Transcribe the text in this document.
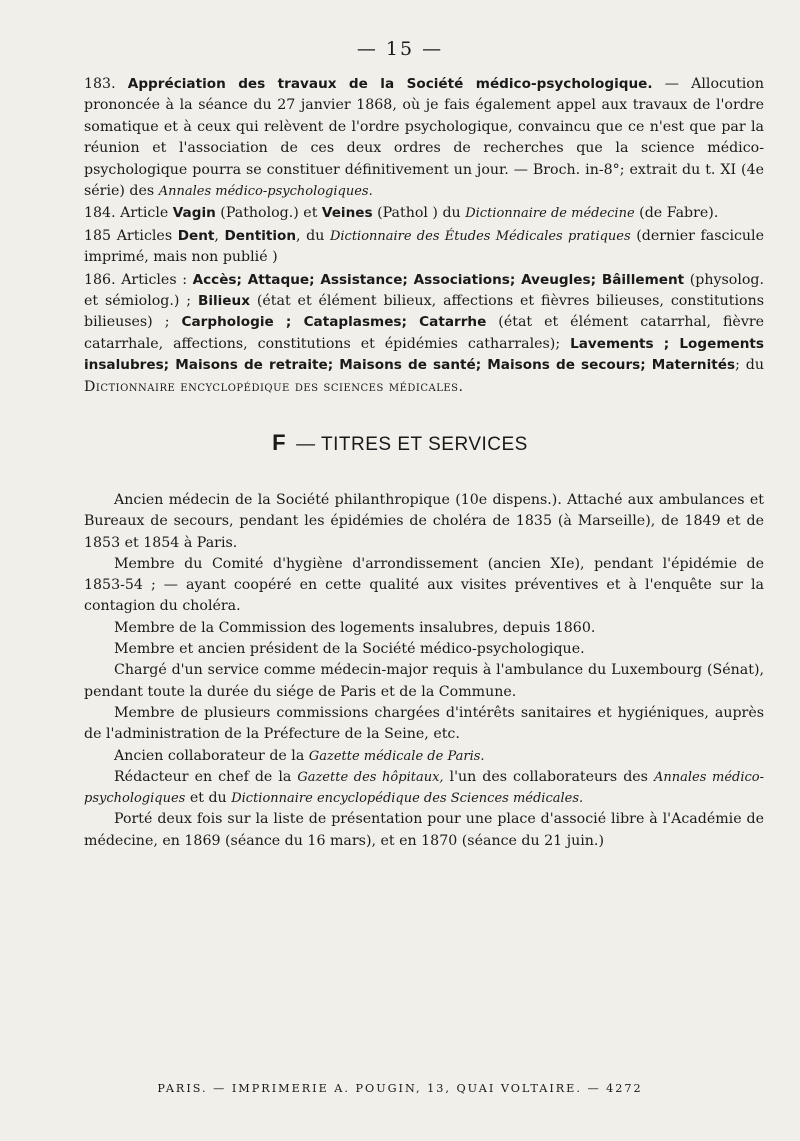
— 15 —

183. Appréciation des travaux de la Société médico-psychologique. — Allocution prononcée à la séance du 27 janvier 1868, où je fais également appel aux travaux de l'ordre somatique et à ceux qui relèvent de l'ordre psychologique, convaincu que ce n'est que par la réunion et l'association de ces deux ordres de recherches que la science médico-psychologique pourra se constituer définitivement un jour. — Broch. in-8°; extrait du t. XI (4e série) des Annales médico-psychologiques.

184. Article Vagin (Patholog.) et Veines (Pathol ) du Dictionnaire de médecine (de Fabre).

185 Articles Dent, Dentition, du Dictionnaire des Études Médicales pratiques (dernier fascicule imprimé, mais non publié )

186. Articles : Accès; Attaque; Assistance; Associations; Aveugles; Bâillement (physolog. et sémiolog.) ; Bilieux (état et élément bilieux, affections et fièvres bilieuses, constitutions bilieuses) ; Carphologie ; Cataplasmes; Catarrhe (état et élément catarrhal, fièvre catarrhale, affections, constitutions et épidémies catharrales); Lavements ; Logements insalubres; Maisons de retraite; Maisons de santé; Maisons de secours; Maternités; du Dictionnaire encyclopédique des sciences médicales.

F — TITRES ET SERVICES

Ancien médecin de la Société philanthropique (10e dispens.). Attaché aux ambulances et Bureaux de secours, pendant les épidémies de choléra de 1835 (à Marseille), de 1849 et de 1853 et 1854 à Paris.

Membre du Comité d'hygiène d'arrondissement (ancien XIe), pendant l'épidémie de 1853-54 ; — ayant coopéré en cette qualité aux visites préventives et à l'enquête sur la contagion du choléra.

Membre de la Commission des logements insalubres, depuis 1860.

Membre et ancien président de la Société médico-psychologique.

Chargé d'un service comme médecin-major requis à l'ambulance du Luxembourg (Sénat), pendant toute la durée du siége de Paris et de la Commune.

Membre de plusieurs commissions chargées d'intérêts sanitaires et hygiéniques, auprès de l'administration de la Préfecture de la Seine, etc.

Ancien collaborateur de la Gazette médicale de Paris.

Rédacteur en chef de la Gazette des hôpitaux, l'un des collaborateurs des Annales médico-psychologiques et du Dictionnaire encyclopédique des Sciences médicales.

Porté deux fois sur la liste de présentation pour une place d'associé libre à l'Académie de médecine, en 1869 (séance du 16 mars), et en 1870 (séance du 21 juin.)

PARIS. — IMPRIMERIE A. POUGIN, 13, QUAI VOLTAIRE. — 4272
